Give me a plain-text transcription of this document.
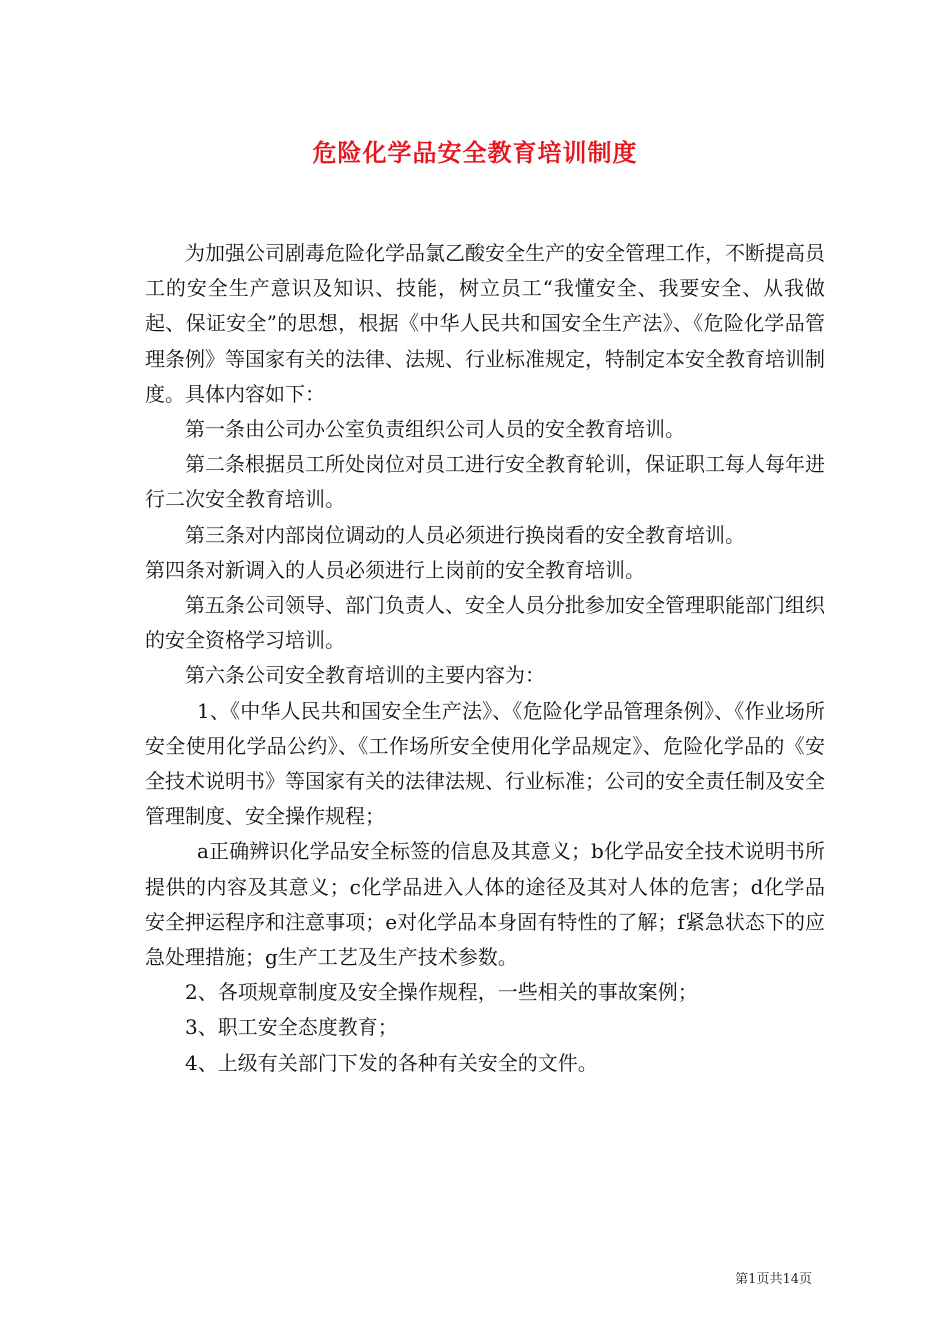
危险化学品安全教育培训制度

为加强公司剧毒危险化学品氯乙酸安全生产的安全管理工作，不断提高员工的安全生产意识及知识、技能，树立员工“我懂安全、我要安全、从我做起、保证安全”的思想，根据《中华人民共和国安全生产法》、《危险化学品管理条例》等国家有关的法律、法规、行业标准规定，特制定本安全教育培训制度。具体内容如下：

第一条由公司办公室负责组织公司人员的安全教育培训。

第二条根据员工所处岗位对员工进行安全教育轮训，保证职工每人每年进行二次安全教育培训。

第三条对内部岗位调动的人员必须进行换岗看的安全教育培训。

第四条对新调入的人员必须进行上岗前的安全教育培训。

第五条公司领导、部门负责人、安全人员分批参加安全管理职能部门组织的安全资格学习培训。

第六条公司安全教育培训的主要内容为：

1、《中华人民共和国安全生产法》、《危险化学品管理条例》、《作业场所安全使用化学品公约》、《工作场所安全使用化学品规定》、危险化学品的《安全技术说明书》等国家有关的法律法规、行业标准；公司的安全责任制及安全管理制度、安全操作规程；

a正确辨识化学品安全标签的信息及其意义；b化学品安全技术说明书所提供的内容及其意义；c化学品进入人体的途径及其对人体的危害；d化学品安全押运程序和注意事项；e对化学品本身固有特性的了解；f紧急状态下的应急处理措施；g生产工艺及生产技术参数。

2、各项规章制度及安全操作规程，一些相关的事故案例；

3、职工安全态度教育；

4、上级有关部门下发的各种有关安全的文件。

第1页共14页
